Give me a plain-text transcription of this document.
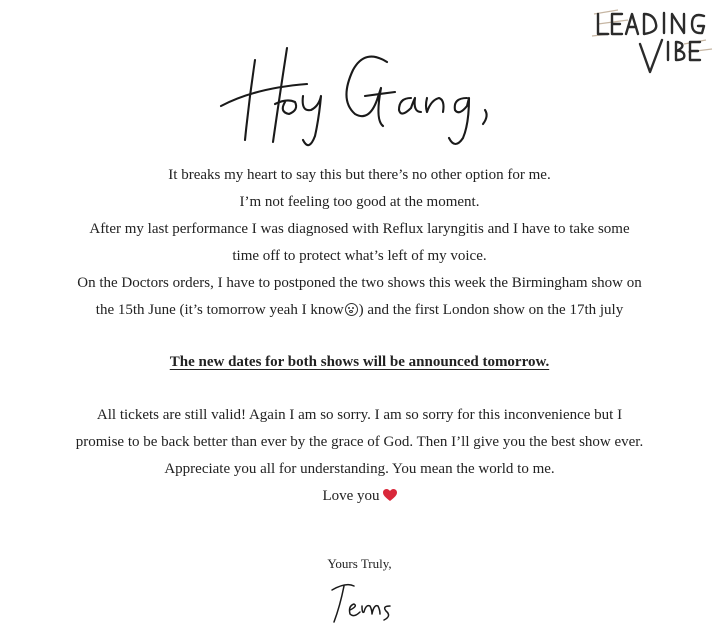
It breaks my heart to say this but there’s no other option for me.
I’m not feeling too good at the moment.
After my last performance I was diagnosed with Reflux laryngitis and I have to take some
time off to protect what’s left of my voice.
On the Doctors orders, I have to postponed the two shows this week the Birmingham show on
the 15th June (it’s tomorrow yeah I know ) and the first London show on the 17th july
The new dates for both shows will be announced tomorrow.
All tickets are still valid! Again I am so sorry. I am so sorry for this inconvenience but I
promise to be back better than ever by the grace of God. Then I’ll give you the best show ever.
Appreciate you all for understanding. You mean the world to me.
Love you
Yours Truly,
